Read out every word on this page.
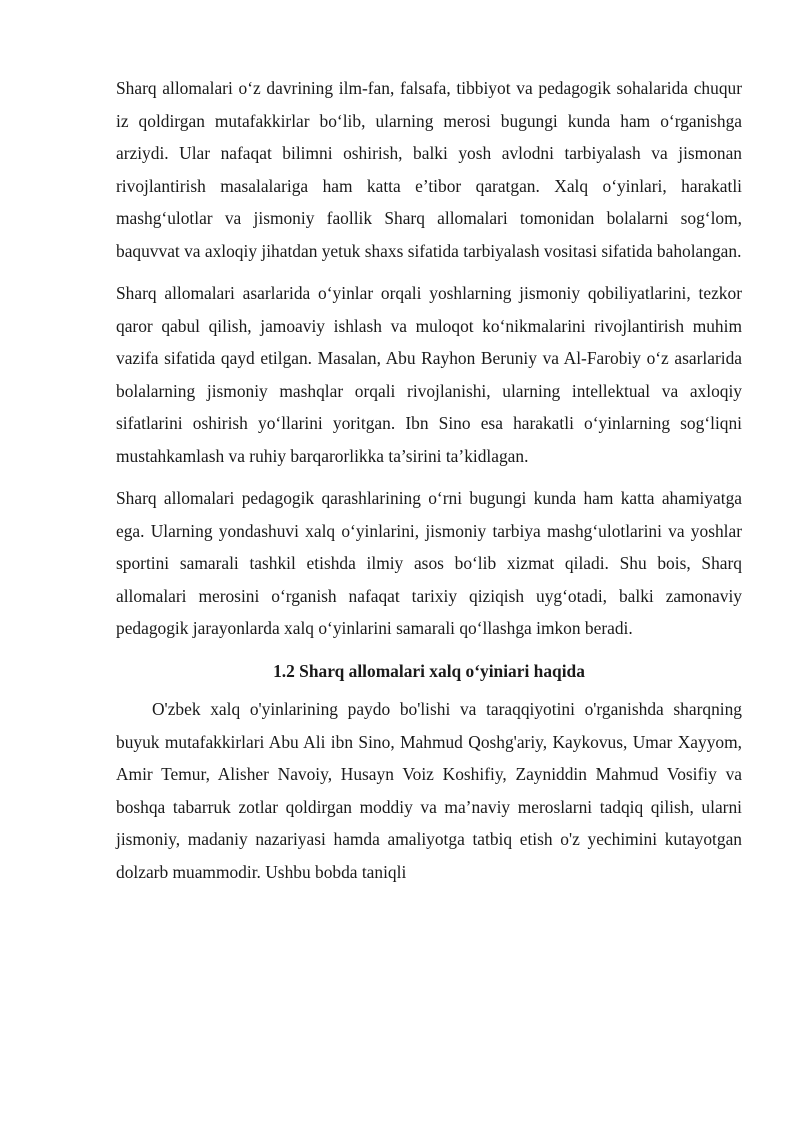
Sharq allomalari o‘z davrining ilm-fan, falsafa, tibbiyot va pedagogik sohalarida chuqur iz qoldirgan mutafakkirlar bo‘lib, ularning merosi bugungi kunda ham o‘rganishga arziydi. Ular nafaqat bilimni oshirish, balki yosh avlodni tarbiyalash va jismonan rivojlantirish masalalariga ham katta e’tibor qaratgan. Xalq o‘yinlari, harakatli mashg‘ulotlar va jismoniy faollik Sharq allomalari tomonidan bolalarni sog‘lom, baquvvat va axloqiy jihatdan yetuk shaxs sifatida tarbiyalash vositasi sifatida baholangan.

Sharq allomalari asarlarida o‘yinlar orqali yoshlarning jismoniy qobiliyatlarini, tezkor qaror qabul qilish, jamoaviy ishlash va muloqot ko‘nikmalarini rivojlantirish muhim vazifa sifatida qayd etilgan. Masalan, Abu Rayhon Beruniy va Al-Farobiy o‘z asarlarida bolalarning jismoniy mashqlar orqali rivojlanishi, ularning intellektual va axloqiy sifatlarini oshirish yo‘llarini yoritgan. Ibn Sino esa harakatli o‘yinlarning sog‘liqni mustahkamlash va ruhiy barqarorlikka ta’sirini ta’kidlagan.

Sharq allomalari pedagogik qarashlarining o‘rni bugungi kunda ham katta ahamiyatga ega. Ularning yondashuvi xalq o‘yinlarini, jismoniy tarbiya mashg‘ulotlarini va yoshlar sportini samarali tashkil etishda ilmiy asos bo‘lib xizmat qiladi. Shu bois, Sharq allomalari merosini o‘rganish nafaqat tarixiy qiziqish uyg‘otadi, balki zamonaviy pedagogik jarayonlarda xalq o‘yinlarini samarali qo‘llashga imkon beradi.

1.2 Sharq allomalari xalq o‘yiniari haqida

O'zbek xalq o'yinlarining paydo bo'lishi va taraqqiyotini o'rganishda sharqning buyuk mutafakkirlari Abu Ali ibn Sino, Mahmud Qoshg'ariy, Kaykovus, Umar Xayyom, Amir Temur, Alisher Navoiy, Husayn Voiz Koshifiy, Zayniddin Mahmud Vosifiy va boshqa tabarruk zotlar qoldirgan moddiy va ma’naviy meroslarni tadqiq qilish, ularni jismoniy, madaniy nazariyasi hamda amaliyotga tatbiq etish o'z yechimini kutayotgan dolzarb muammodir. Ushbu bobda taniqli
